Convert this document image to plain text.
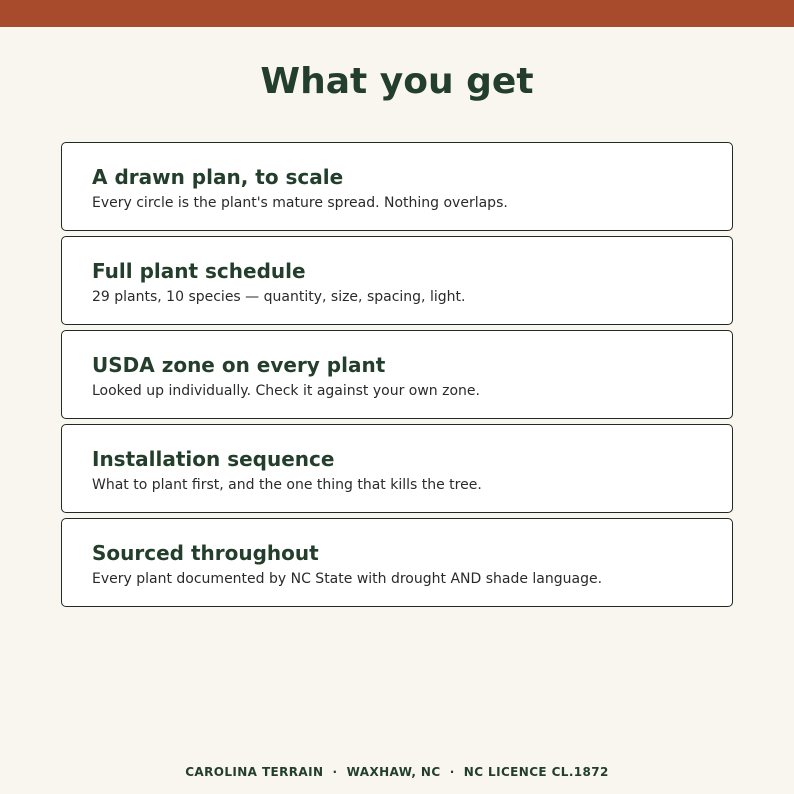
What you get
A drawn plan, to scale

Every circle is the plant's mature spread. Nothing overlaps.

Full plant schedule

29 plants, 10 species — quantity, size, spacing, light.

USDA zone on every plant

Looked up individually. Check it against your own zone.

Installation sequence

What to plant first, and the one thing that kills the tree.

Sourced throughout

Every plant documented by NC State with drought AND shade language.

CAROLINA TERRAIN  ·  WAXHAW, NC  ·  NC LICENCE CL.1872
